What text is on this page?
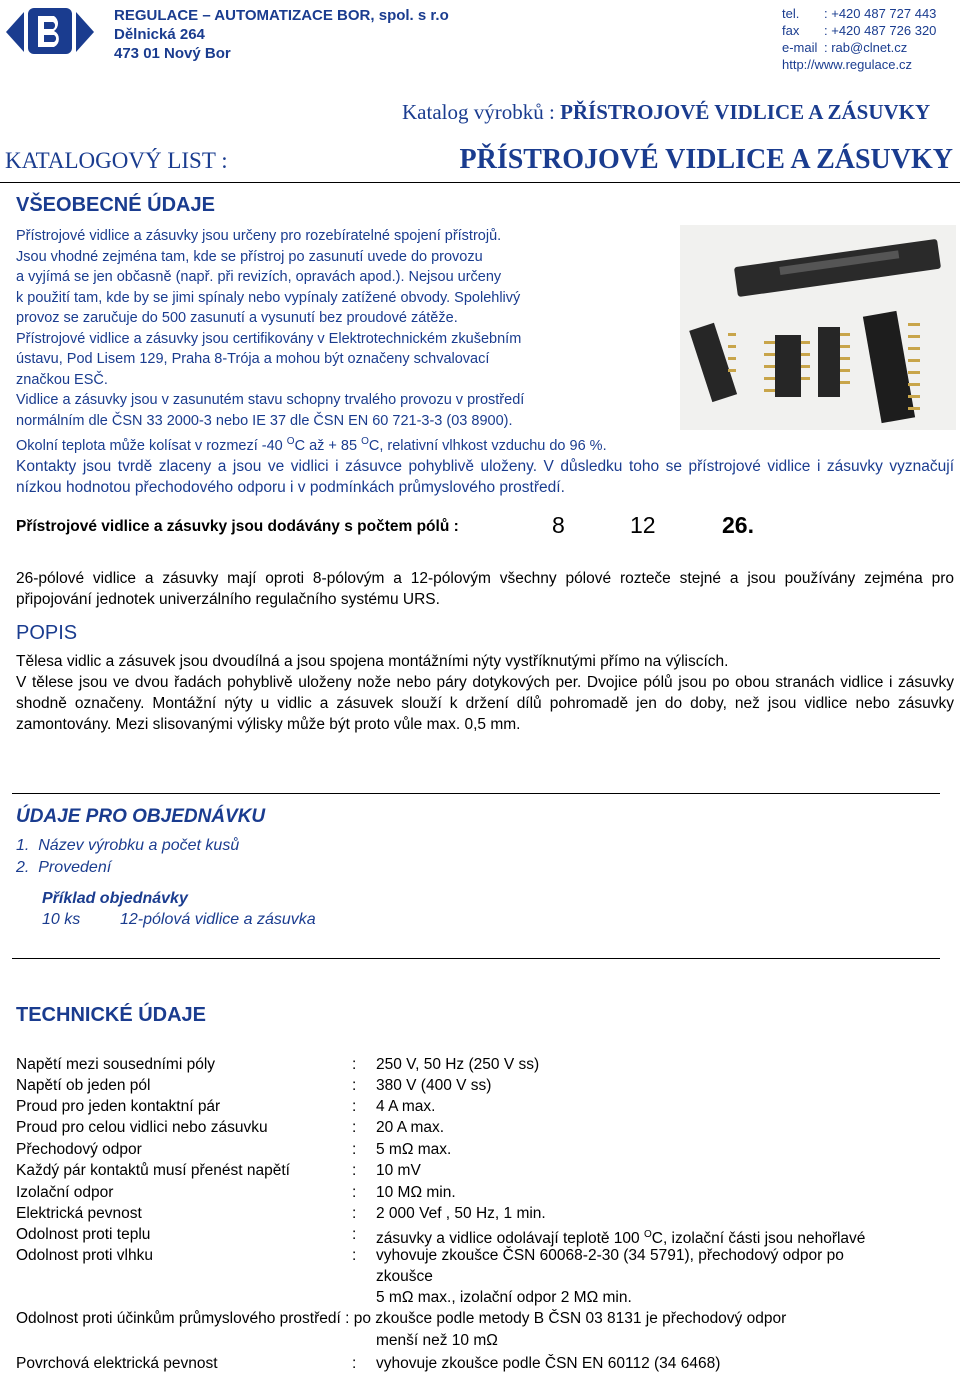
REGULACE – AUTOMATIZACE BOR, spol. s r.o
Dělnická 264
473 01 Nový Bor
tel. : +420 487 727 443
fax : +420 487 726 320
e-mail : rab@clnet.cz
http://www.regulace.cz
Katalog výrobků : PŘÍSTROJOVÉ VIDLICE A ZÁSUVKY
KATALOGOVÝ LIST :	PŘÍSTROJOVÉ VIDLICE A ZÁSUVKY
VŠEOBECNÉ ÚDAJE
Přístrojové vidlice a zásuvky jsou určeny pro rozebíratelné spojení přístrojů.
Jsou vhodné zejména tam, kde se přístroj po zasunutí uvede do provozu
a vyjímá se jen občasně (např. při revizích, opravách apod.). Nejsou určeny
k použití tam, kde by se jimi spínaly nebo vypínaly zatížené obvody. Spolehlivý
provoz se zaručuje do 500 zasunutí a vysunutí bez proudové zátěže.
Přístrojové vidlice a zásuvky jsou certifikovány v Elektrotechnickém zkušebním
ústavu, Pod Lisem 129, Praha 8-Trója a mohou být označeny schvalovací
značkou ESČ.
Vidlice a zásuvky jsou v zasunutém stavu schopny trvalého provozu v prostředí
normálním dle ČSN 33 2000-3 nebo IE 37 dle ČSN EN 60 721-3-3 (03 8900).
Okolní teplota může kolísat v rozmezí -40 $^O$C až + 85 $^O$C, relativní vlhkost vzduchu do 96 %.
Kontakty jsou tvrdě zlaceny a jsou ve vidlici i zásuvce pohyblivě uloženy. V důsledku toho se přístrojové vidlice i zásuvky vyznačují nízkou hodnotou přechodového odporu i v podmínkách průmyslového prostředí.
Přístrojové vidlice a zásuvky jsou dodávány s počtem pólů :	8	12	26.
26-pólové vidlice a zásuvky mají oproti 8-pólovým a 12-pólovým všechny pólové rozteče stejné a jsou používány zejména pro připojování jednotek univerzálního regulačního systému URS.
POPIS
Tělesa vidlic a zásuvek jsou dvoudílná a jsou spojena montážními nýty vystříknutými přímo na výliscích.
V tělese jsou ve dvou řadách pohyblivě uloženy nože nebo páry dotykových per. Dvojice pólů jsou po obou stranách vidlice i zásuvky shodně označeny. Montážní nýty u vidlic a zásuvek slouží k držení dílů pohromadě jen do doby, než jsou vidlice nebo zásuvky zamontovány. Mezi slisovanými výlisky může být proto vůle max. 0,5 mm.
ÚDAJE PRO OBJEDNÁVKU
1.  Název výrobku a počet kusů
2.  Provedení
Příklad objednávky
10 ks 12-pólová vidlice a zásuvka
TECHNICKÉ ÚDAJE
Napětí mezi sousedními póly	: 250 V, 50 Hz (250 V ss)
Napětí ob jeden pól	: 380 V (400 V ss)
Proud pro jeden kontaktní pár	: 4 A max.
Proud pro celou vidlici nebo zásuvku	: 20 A max.
Přechodový odpor	: 5 mΩ max.
Každý pár kontaktů musí přenést napětí	: 10 mV
Izolační odpor	: 10 MΩ min.
Elektrická pevnost	: 2 000 Vef , 50 Hz, 1 min.
Odolnost proti teplu	: zásuvky a vidlice odolávají teplotě 100 $^O$C, izolační části jsou nehořlavé
Odolnost proti vlhku	: vyhovuje zkoušce ČSN 60068-2-30 (34 5791), přechodový odpor po
zkoušce
5 mΩ max., izolační odpor 2 MΩ min.
Odolnost proti účinkům průmyslového prostředí : po zkoušce podle metody B ČSN 03 8131 je přechodový odpor
menší než 10 mΩ
Povrchová elektrická pevnost	: vyhovuje zkoušce podle ČSN EN 60112 (34 6468)
